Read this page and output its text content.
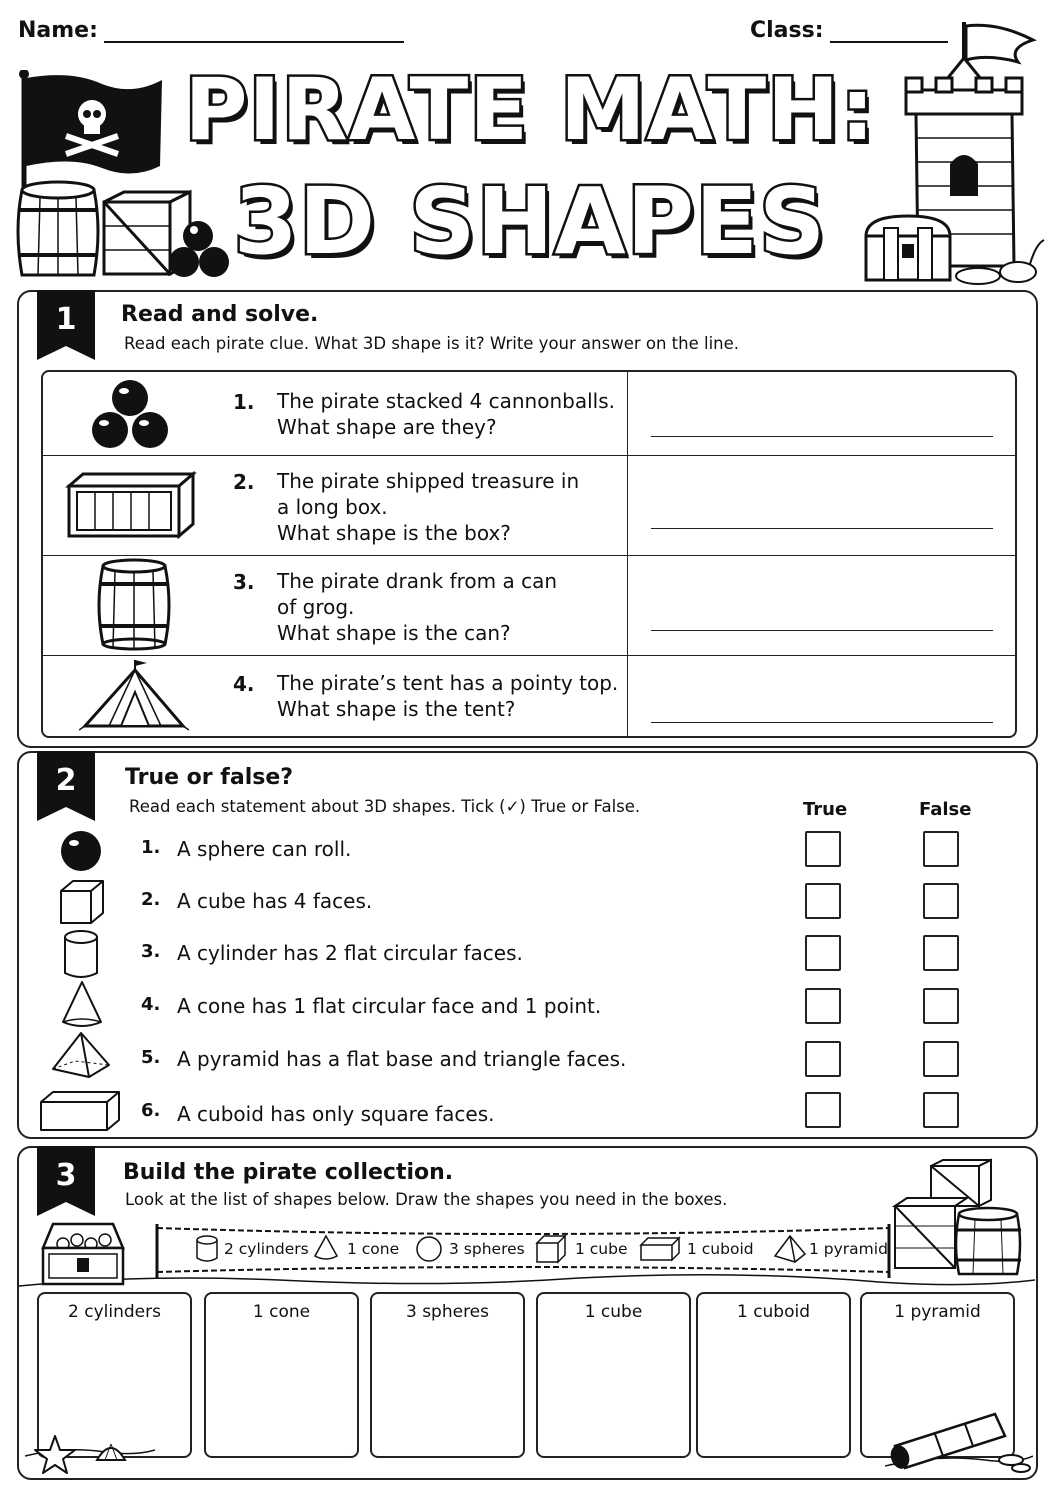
Name:	Class:
PIRATE MATH:
3D SHAPES
1	Read and solve.
Read each pirate clue. What 3D shape is it? Write your answer on the line.
1. The pirate stacked 4 cannonballs.
What shape are they?
2. The pirate shipped treasure in
a long box.
What shape is the box?
3. The pirate drank from a can
of grog.
What shape is the can?
4. The pirate’s tent has a pointy top.
What shape is the tent?
2	True or false?
Read each statement about 3D shapes. Tick (✓) True or False.	True	False
1. A sphere can roll.
2. A cube has 4 faces.
3. A cylinder has 2 flat circular faces.
4. A cone has 1 flat circular face and 1 point.
5. A pyramid has a flat base and triangle faces.
6. A cuboid has only square faces.
3	Build the pirate collection.
Look at the list of shapes below. Draw the shapes you need in the boxes.
2 cylinders 1 cone	3 spheres	1 cube	1 cuboid	1 pyramid
2 cylinders	1 cone	3 spheres	1 cube	1 cuboid	1 pyramid
